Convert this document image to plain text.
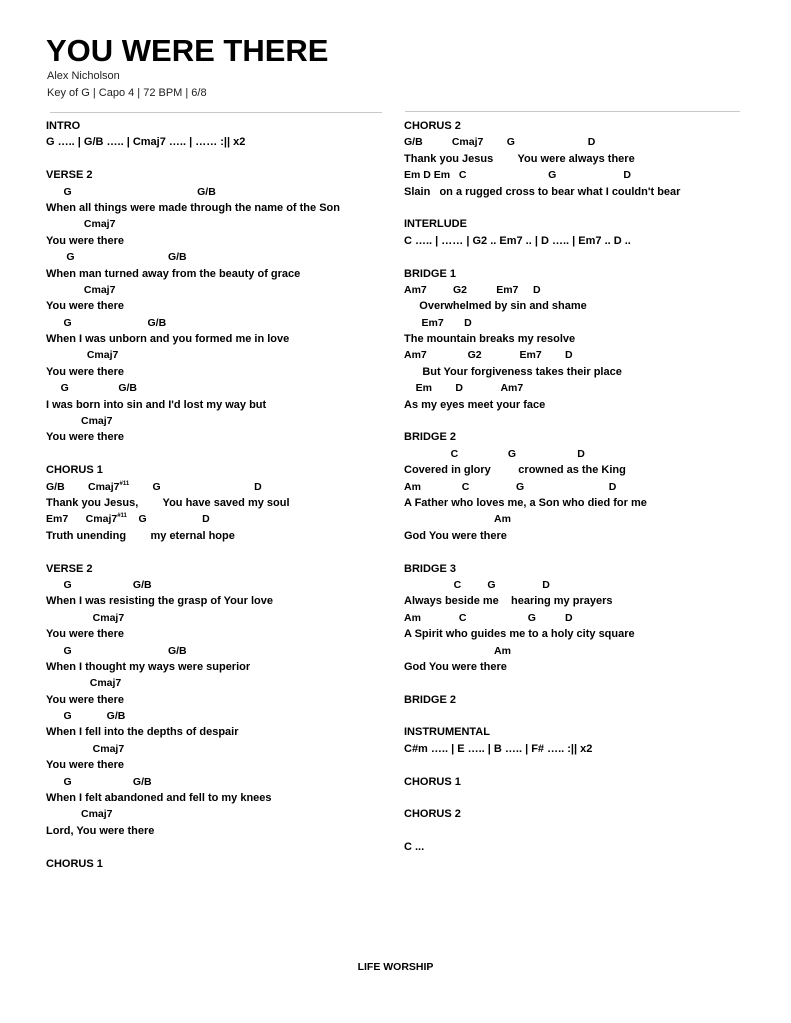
YOU WERE THERE
Alex Nicholson
Key of G | Capo 4 | 72 BPM | 6/8
INTRO
G ….. | G/B ….. | Cmaj7 ….. | …… :|| x2
VERSE 2
G                                           G/B
When all things were made through the name of the Son
Cmaj7
You were there
G                                G/B
When man turned away from the beauty of grace
Cmaj7
You were there
G                          G/B
When I was unborn and you formed me in love
Cmaj7
You were there
G                 G/B
I was born into sin and I'd lost my way but
Cmaj7
You were there
CHORUS 1
G/B        Cmaj7$^{\#11}$        G                                D
Thank you Jesus,        You have saved my soul
Em7      Cmaj7$^{\#11}$    G                   D
Truth unending        my eternal hope
VERSE 2
G                     G/B
When I was resisting the grasp of Your love
Cmaj7
You were there
G                                 G/B
When I thought my ways were superior
Cmaj7
You were there
G            G/B
When I fell into the depths of despair
Cmaj7
You were there
G                     G/B
When I felt abandoned and fell to my knees
Cmaj7
Lord, You were there
CHORUS 1
CHORUS 2
G/B          Cmaj7        G                         D
Thank you Jesus        You were always there
Em D Em   C                            G                       D
Slain   on a rugged cross to bear what I couldn't bear
INTERLUDE
C ….. | …… | G2 .. Em7 .. | D ….. | Em7 .. D ..
BRIDGE 1
Am7         G2          Em7     D
Overwhelmed by sin and shame
Em7       D
The mountain breaks my resolve
Am7              G2             Em7        D
But Your forgiveness takes their place
Em        D             Am7
As my eyes meet your face
BRIDGE 2
C                 G                     D
Covered in glory         crowned as the King
Am              C                G                             D
A Father who loves me, a Son who died for me
Am
God You were there
BRIDGE 3
C         G                D
Always beside me    hearing my prayers
Am             C                     G          D
A Spirit who guides me to a holy city square
Am
God You were there
BRIDGE 2
INSTRUMENTAL
C#m ….. | E ….. | B ….. | F# ….. :|| x2
CHORUS 1
CHORUS 2
C ...
LIFE WORSHIP
